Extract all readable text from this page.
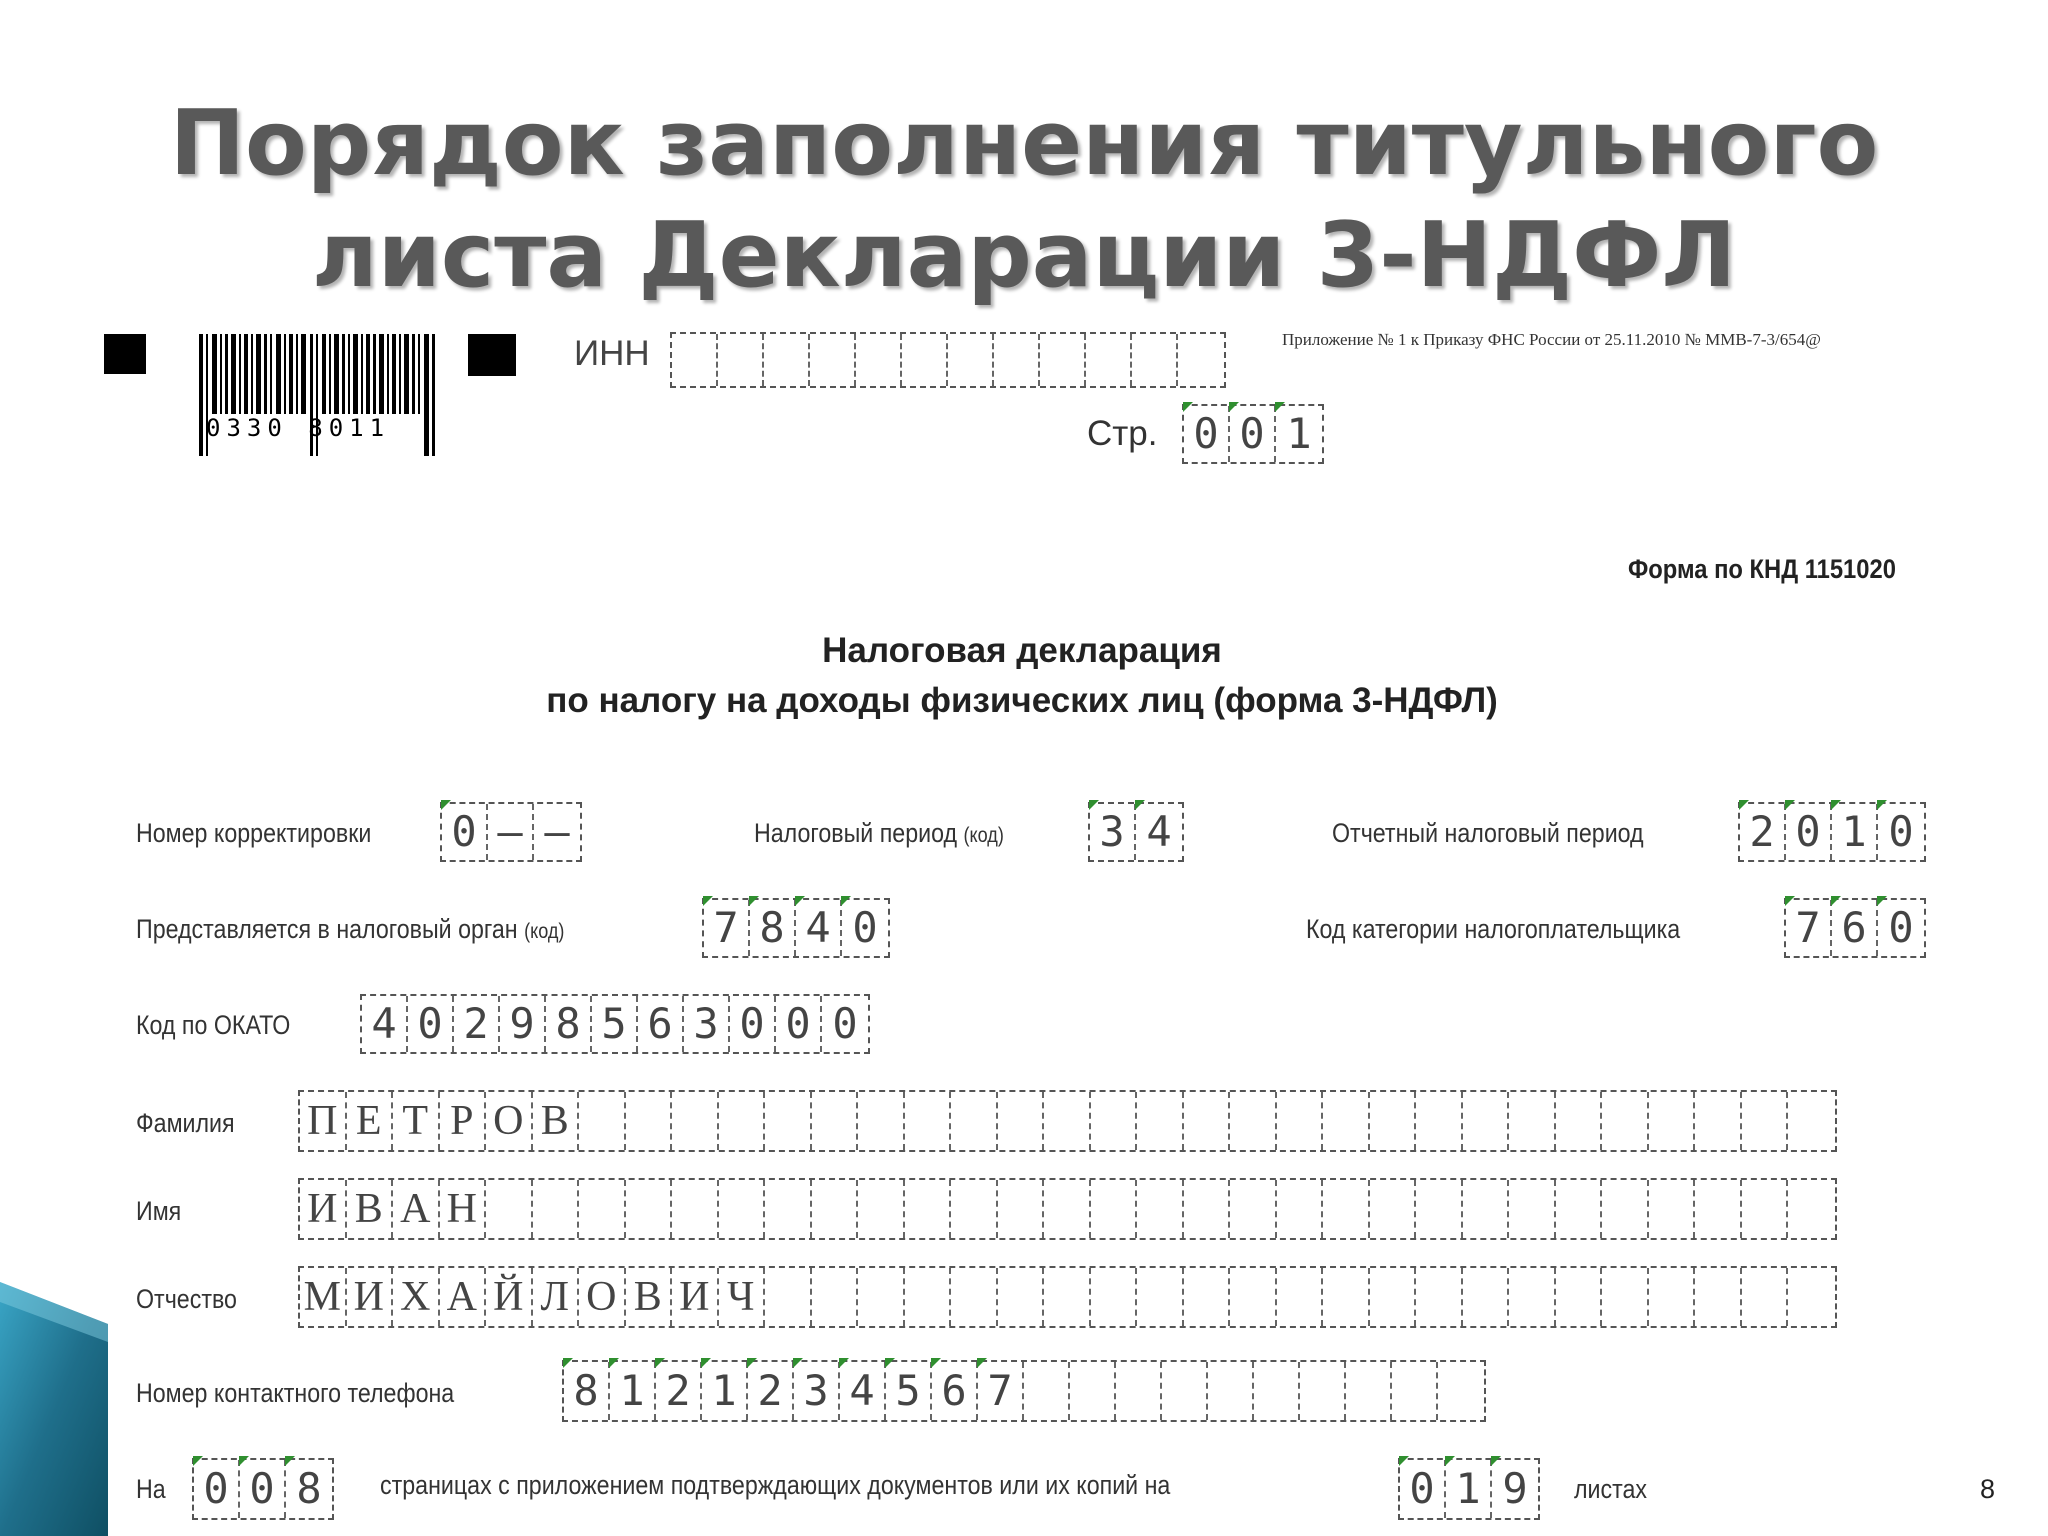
Порядок заполнения титульного
листа Декларации 3-НДФЛ
8
0330 8011
ИНН	Приложение № 1 к Приказу ФНС России от 25.11.2010 № ММВ-7-3/654@
Стр. 0 0 1
Форма по КНД 1151020
Налоговая декларация
по налогу на доходы физических лиц (форма 3-НДФЛ)
Номер корректировки 0 – –	Налоговый период (код) 3 4	Отчетный налоговый период	2 0 1 0
Представляется в налоговый орган (код)	7 8 4 0	Код категории налогоплательщика	7 6 0
Код по ОКАТО 4 0 2 9 8 5 6 3 0 0 0
Фамилия П Е Т Р О В
Имя	И В А Н
Отчество М И Х А Й Л О В И Ч
Номер контактного телефона	8 1 2 1 2 3 4 5 6 7
На 0 0 8	страницах с приложением подтверждающих документов или их копий на	0 1 9	листах
